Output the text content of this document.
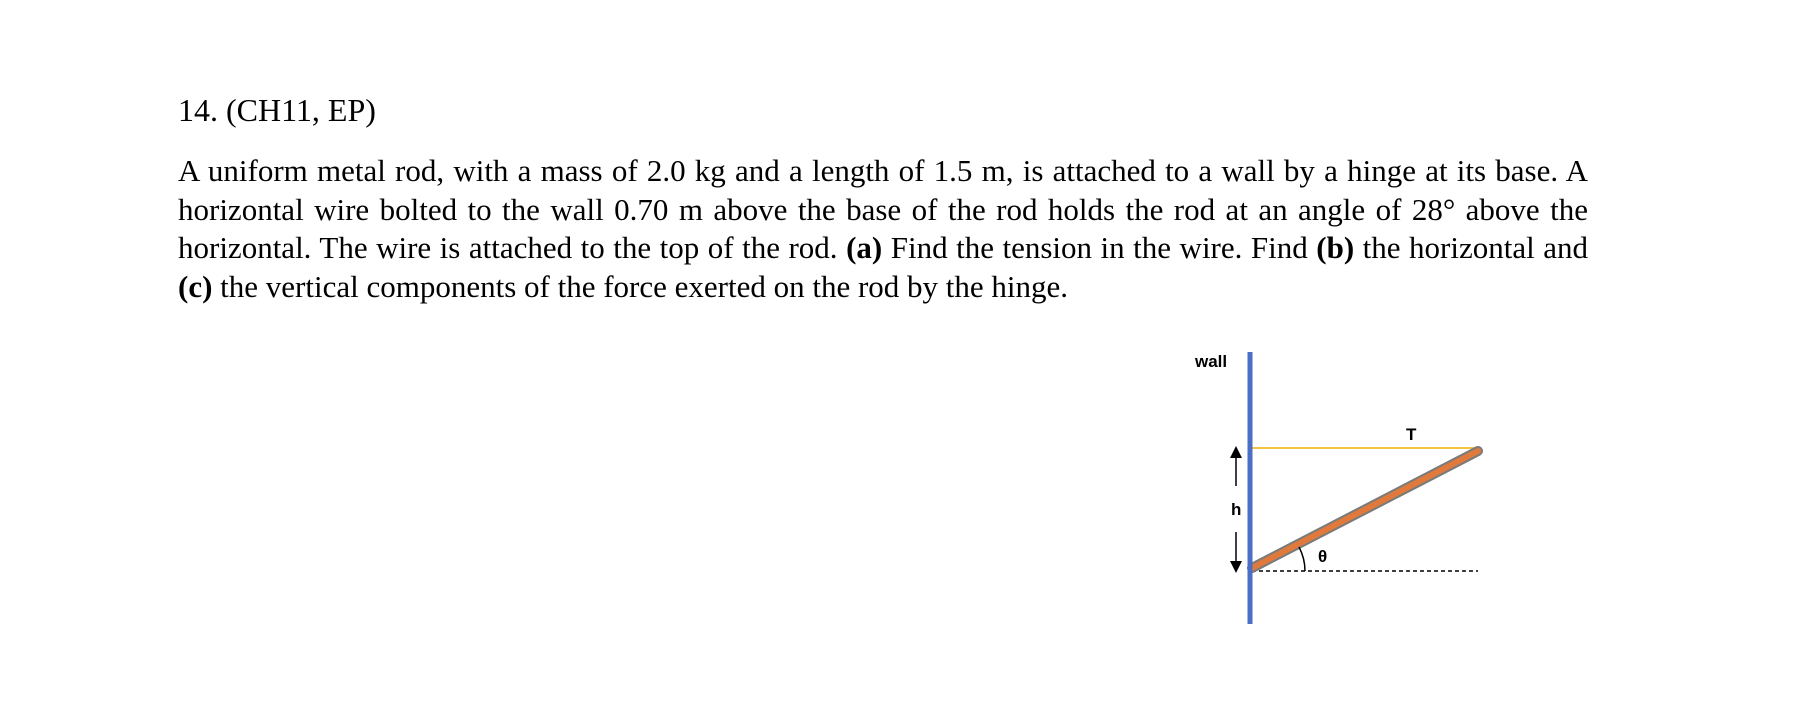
14. (CH11, EP)

A uniform metal rod, with a mass of 2.0 kg and a length of 1.5 m, is attached to a wall by a hinge at its base. A horizontal wire bolted to the wall 0.70 m above the base of the rod holds the rod at an angle of 28° above the horizontal. The wire is attached to the top of the rod. (a) Find the tension in the wire. Find (b) the horizontal and (c) the vertical components of the force exerted on the rod by the hinge.

wall
h
T
θ
